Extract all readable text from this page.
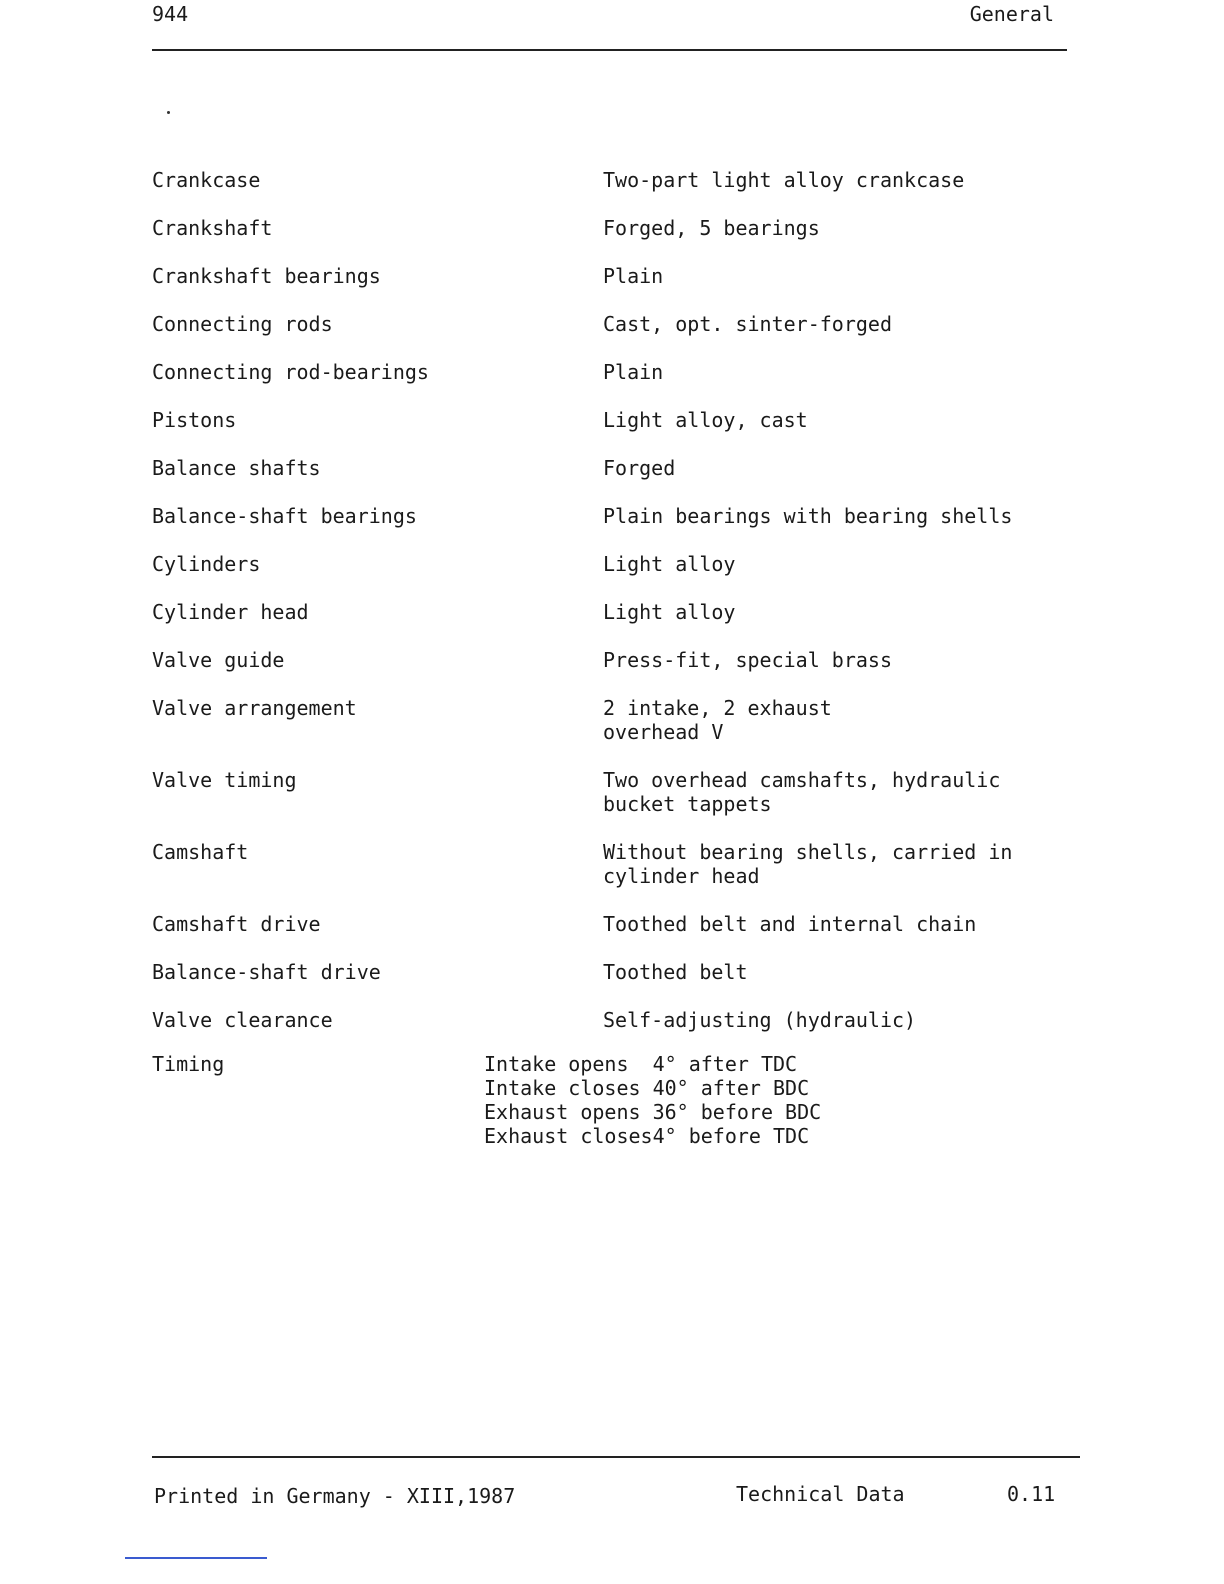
944	General
Crankcase	Two-part light alloy crankcase
Crankshaft	Forged, 5 bearings
Crankshaft bearings	Plain
Connecting rods	Cast, opt. sinter-forged
Connecting rod-bearings	Plain
Pistons	Light alloy, cast
Balance shafts	Forged
Balance-shaft bearings	Plain bearings with bearing shells
Cylinders	Light alloy
Cylinder head	Light alloy
Valve guide	Press-fit, special brass
Valve arrangement	2 intake, 2 exhaust
overhead V
Valve timing	Two overhead camshafts, hydraulic
bucket tappets
Camshaft	Without bearing shells, carried in
cylinder head
Camshaft drive	Toothed belt and internal chain
Balance-shaft drive	Toothed belt
Valve clearance	Self-adjusting (hydraulic)
Timing	Intake opens	4° after TDC
Intake closes	40° after BDC
Exhaust opens	36° before BDC
Exhaust closes	4° before TDC
Printed in Germany - XIII,1987	Technical Data	0.11
